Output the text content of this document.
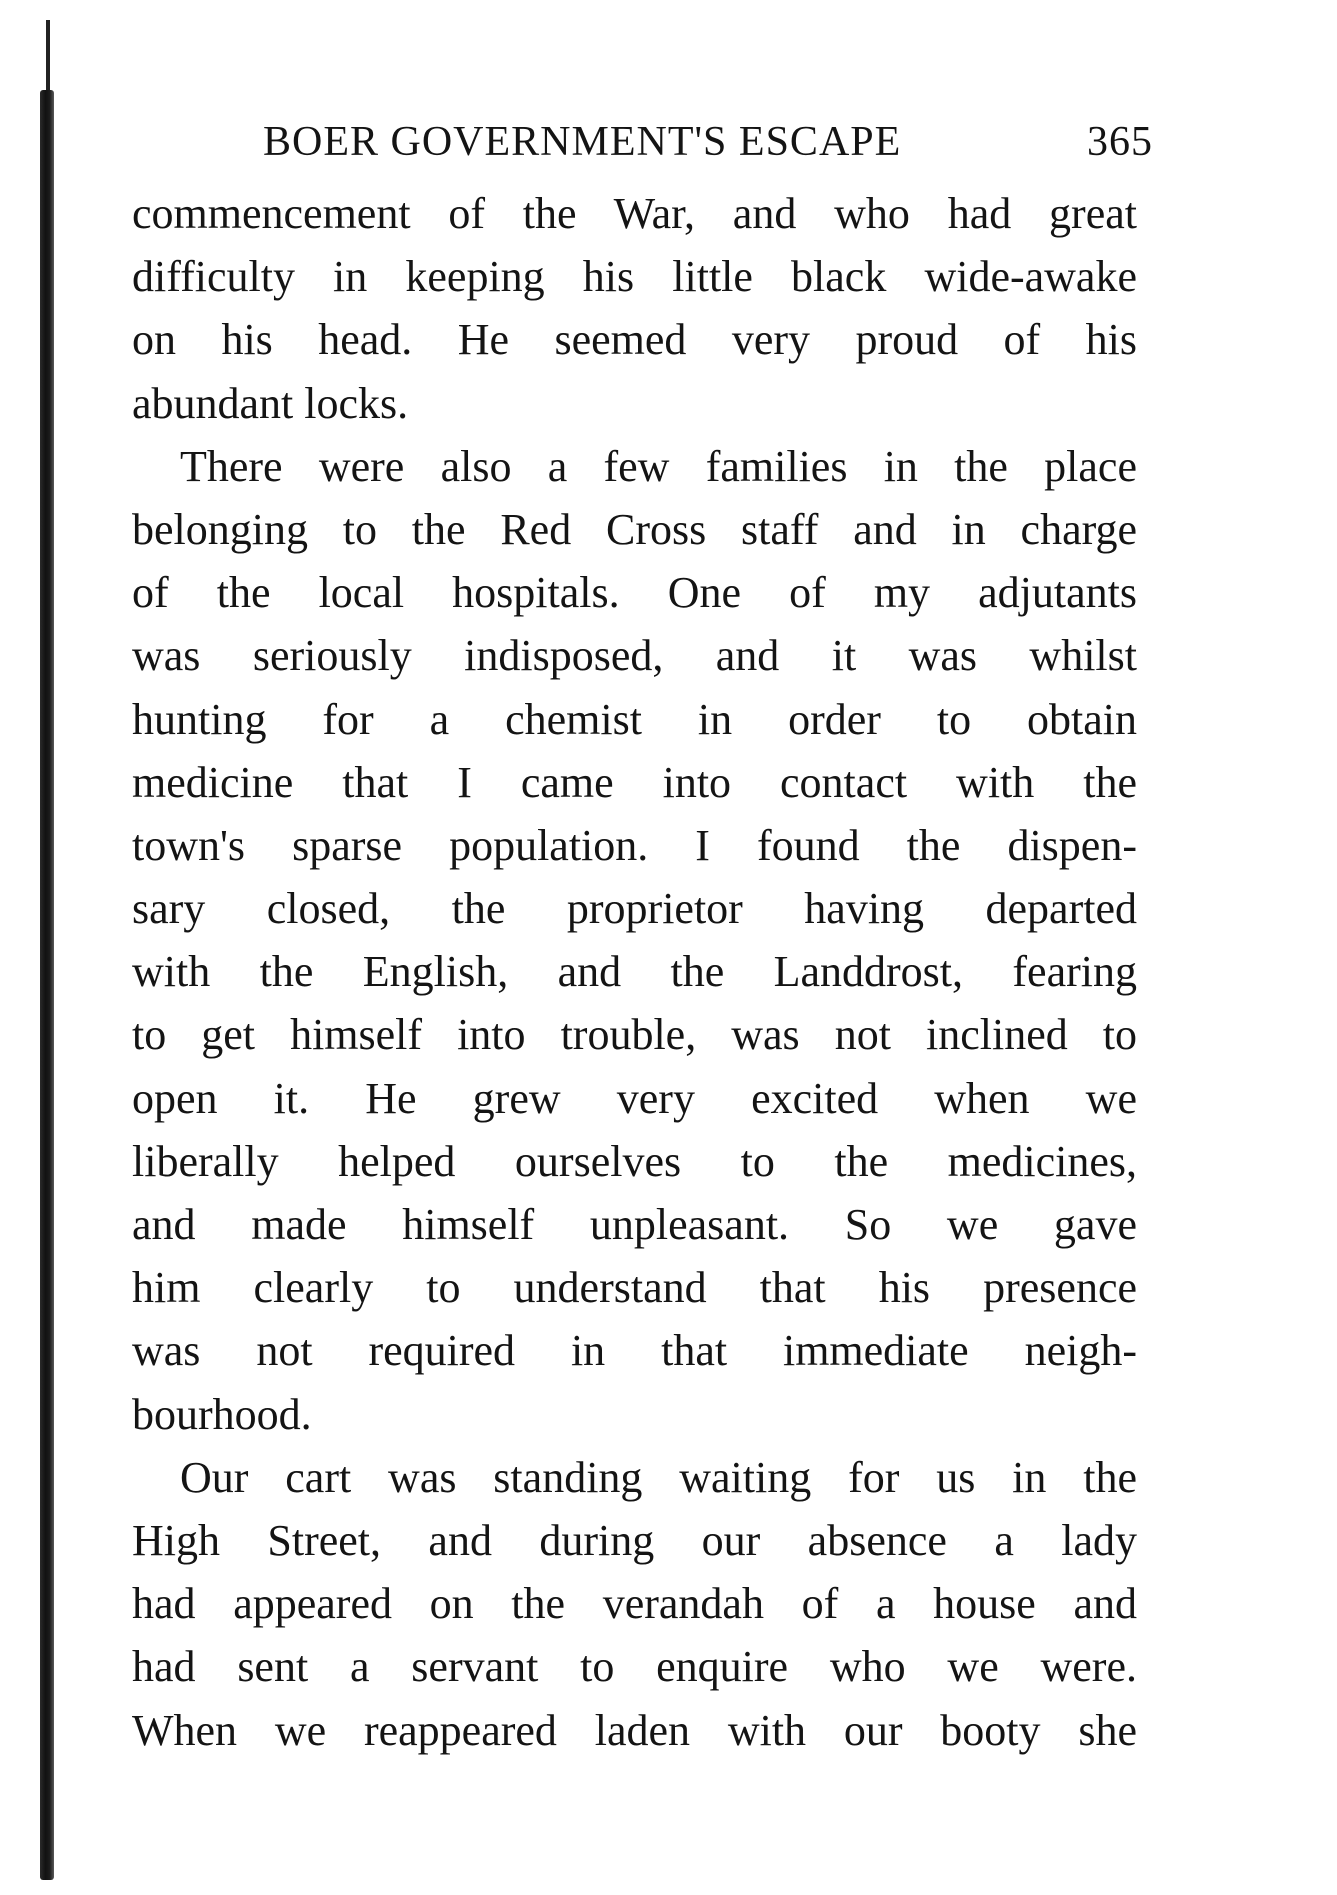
BOER GOVERNMENT'S ESCAPE	365
commencement of the War, and who had great
difficulty in keeping his little black wide-awake
on his head. He seemed very proud of his
abundant locks.
There were also a few families in the place
belonging to the Red Cross staff and in charge
of the local hospitals. One of my adjutants
was seriously indisposed, and it was whilst
hunting for a chemist in order to obtain
medicine that I came into contact with the
town's sparse population. I found the dispen-
sary closed, the proprietor having departed
with the English, and the Landdrost, fearing
to get himself into trouble, was not inclined to
open it. He grew very excited when we
liberally helped ourselves to the medicines,
and made himself unpleasant. So we gave
him clearly to understand that his presence
was not required in that immediate neigh-
bourhood.
Our cart was standing waiting for us in the
High Street, and during our absence a lady
had appeared on the verandah of a house and
had sent a servant to enquire who we were.
When we reappeared laden with our booty she
